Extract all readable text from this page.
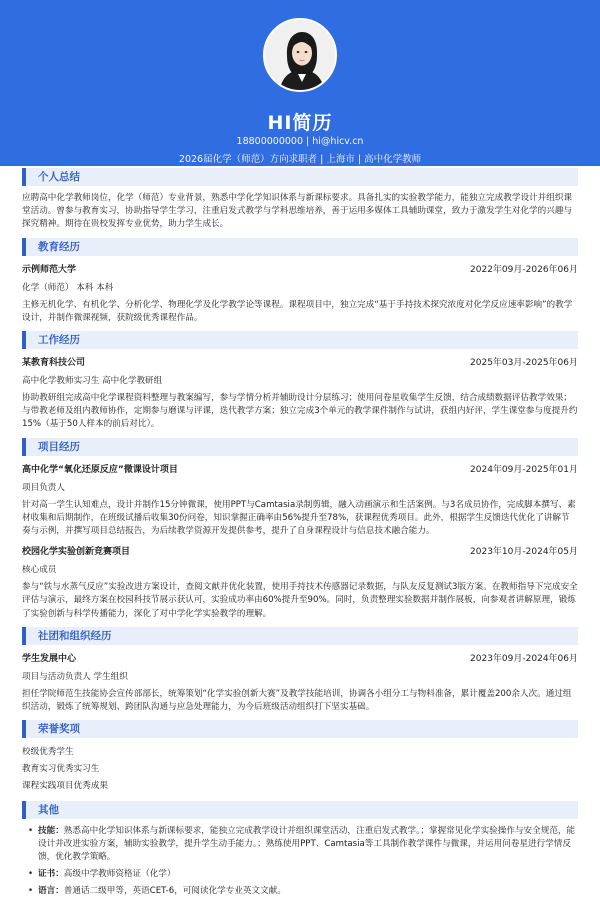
HI简历
18800000000 | hi@hicv.cn
2026届化学（师范）方向求职者 | 上海市 | 高中化学教师
个人总结
应聘高中化学教师岗位，化学（师范）专业背景，熟悉中学化学知识体系与新课标要求。具备扎实的实验教学能力，能独立完成教学设计并组织课堂活动。曾参与教育实习，协助指导学生学习，注重启发式教学与学科思维培养，善于运用多媒体工具辅助课堂，致力于激发学生对化学的兴趣与探究精神。期待在贵校发挥专业优势，助力学生成长。
教育经历
示例师范大学	2022年09月-2026年06月
化学（师范） 本科 本科
主修无机化学、有机化学、分析化学、物理化学及化学教学论等课程。课程项目中，独立完成“基于手持技术探究浓度对化学反应速率影响”的教学设计，并制作微课视频，获院级优秀课程作品。
工作经历
某教育科技公司	2025年03月-2025年06月
高中化学教师实习生 高中化学教研组
协助教研组完成高中化学课程资料整理与教案编写，参与学情分析并辅助设计分层练习；使用问卷星收集学生反馈，结合成绩数据评估教学效果；与带教老师及组内教师协作，定期参与磨课与评课，迭代教学方案；独立完成3个单元的教学课件制作与试讲，获组内好评，学生课堂参与度提升约15%（基于50人样本的前后对比）。
项目经历
高中化学“氧化还原反应”微课设计项目	2024年09月-2025年01月
项目负责人
针对高一学生认知难点，设计并制作15分钟微课，使用PPT与Camtasia录制剪辑，融入动画演示和生活案例。与3名成员协作，完成脚本撰写、素材收集和后期制作，在班级试播后收集30份问卷，知识掌握正确率由56%提升至78%，获课程优秀项目。此外，根据学生反馈迭代优化了讲解节奏与示例，并撰写项目总结报告，为后续教学资源开发提供参考，提升了自身课程设计与信息技术融合能力。
校园化学实验创新竞赛项目	2023年10月-2024年05月
核心成员
参与“铁与水蒸气反应”实验改进方案设计，查阅文献并优化装置，使用手持技术传感器记录数据，与队友反复测试3版方案。在教师指导下完成安全评估与演示，最终方案在校园科技节展示获认可，实验成功率由60%提升至90%。同时，负责整理实验数据并制作展板，向参观者讲解原理，锻炼了实验创新与科学传播能力，深化了对中学化学实验教学的理解。
社团和组织经历
学生发展中心	2023年09月-2024年06月
项目与活动负责人 学生组织
担任学院师范生技能协会宣传部部长，统筹策划“化学实验创新大赛”及教学技能培训，协调各小组分工与物料准备，累计覆盖200余人次。通过组织活动，锻炼了统筹规划、跨团队沟通与应急处理能力，为今后班级活动组织打下坚实基础。
荣誉奖项
校级优秀学生
教育实习优秀实习生
课程实践项目优秀成果
其他
• 技能：熟悉高中化学知识体系与新课标要求，能独立完成教学设计并组织课堂活动，注重启发式教学。；掌握常见化学实验操作与安全规范，能设计并改进实验方案，辅助实验教学，提升学生动手能力。；熟练使用PPT、Camtasia等工具制作教学课件与微课，并运用问卷星进行学情反馈，优化教学策略。
• 证书：高级中学教师资格证（化学）
• 语言：普通话二级甲等，英语CET-6，可阅读化学专业英文文献。
